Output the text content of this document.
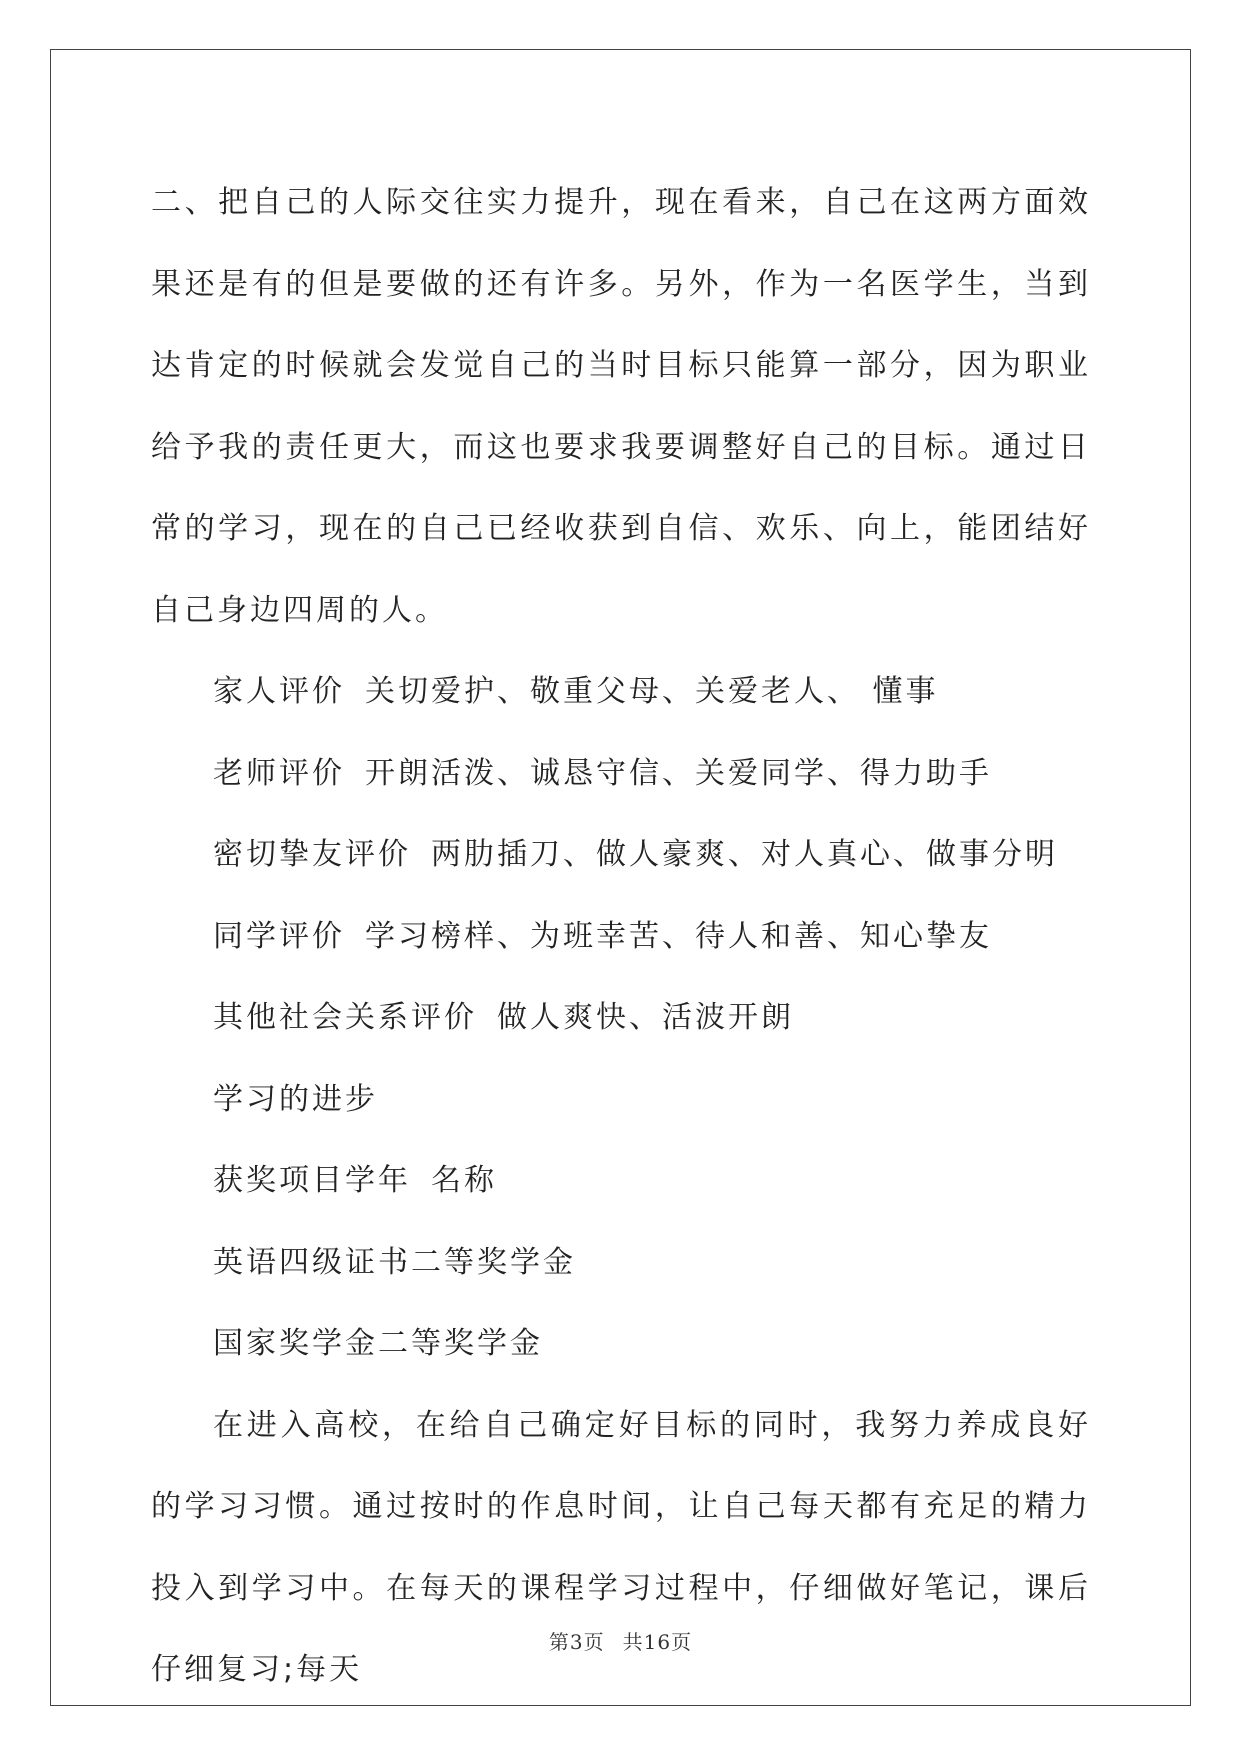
二、把自己的人际交往实力提升，现在看来，自己在这两方面效果还是有的但是要做的还有许多。另外，作为一名医学生，当到达肯定的时候就会发觉自己的当时目标只能算一部分，因为职业给予我的责任更大，而这也要求我要调整好自己的目标。通过日常的学习，现在的自己已经收获到自信、欢乐、向上，能团结好自己身边四周的人。

家人评价 关切爱护、敬重父母、关爱老人、 懂事

老师评价 开朗活泼、诚恳守信、关爱同学、得力助手

密切挚友评价 两肋插刀、做人豪爽、对人真心、做事分明

同学评价 学习榜样、为班幸苦、待人和善、知心挚友

其他社会关系评价 做人爽快、活波开朗

学习的进步

获奖项目学年 名称

英语四级证书二等奖学金

国家奖学金二等奖学金

在进入高校，在给自己确定好目标的同时，我努力养成良好的学习习惯。通过按时的作息时间，让自己每天都有充足的精力投入到学习中。在每天的课程学习过程中，仔细做好笔记，课后仔细复习;每天

第3页 共16页
